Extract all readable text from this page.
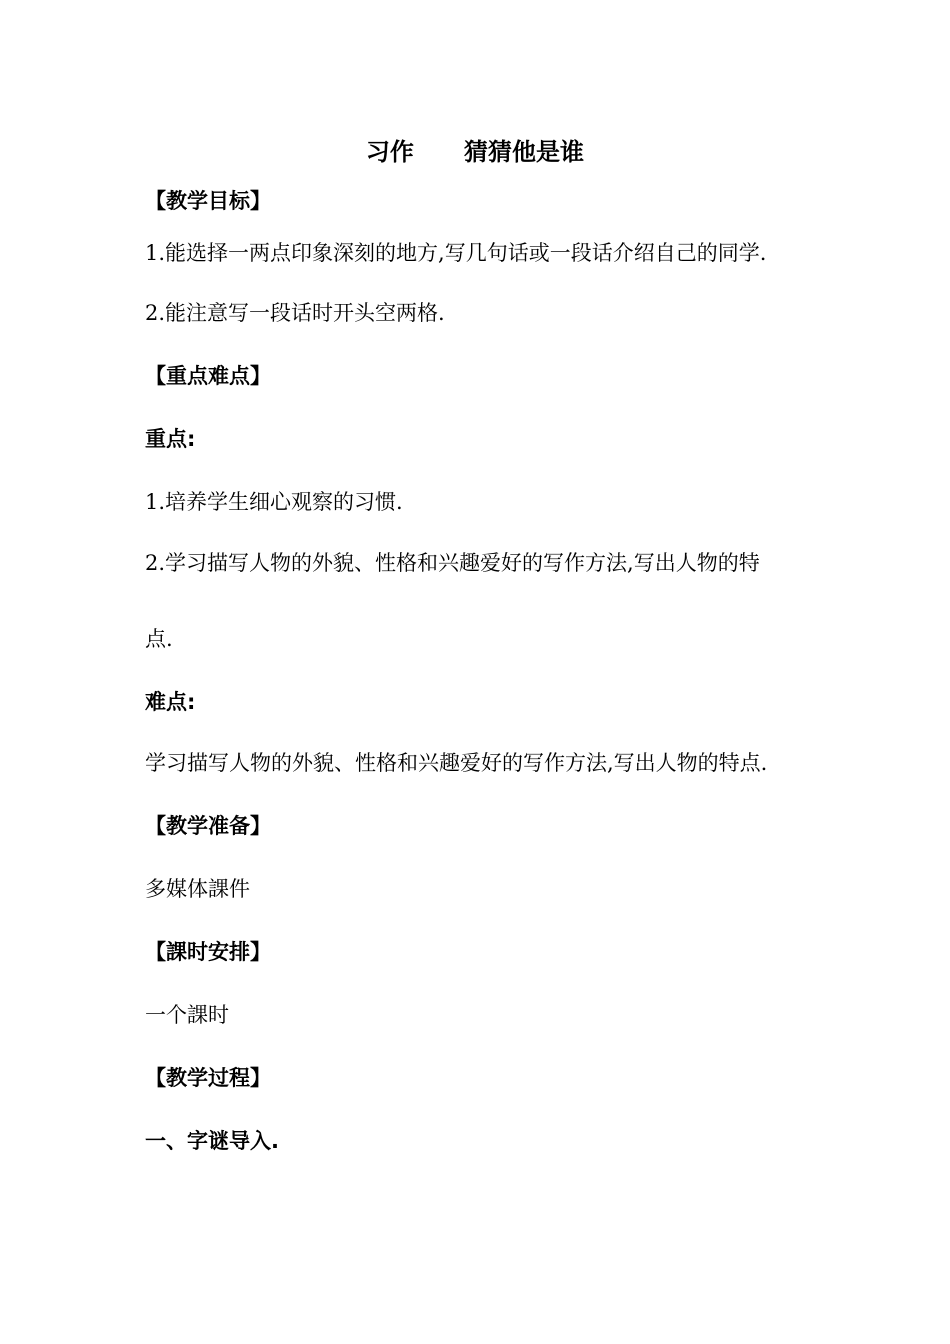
习作      猜猜他是谁
【教学目标】
1.能选择一两点印象深刻的地方,写几句话或一段话介绍自己的同学.
2.能注意写一段话时开头空两格.
【重点难点】
重点:
1.培养学生细心观察的习惯.
2.学习描写人物的外貌、性格和兴趣爱好的写作方法,写出人物的特
点.
难点:
学习描写人物的外貌、性格和兴趣爱好的写作方法,写出人物的特点.
【教学准备】
多媒体課件
【課时安排】
一个課时
【教学过程】
一、字谜导入.
